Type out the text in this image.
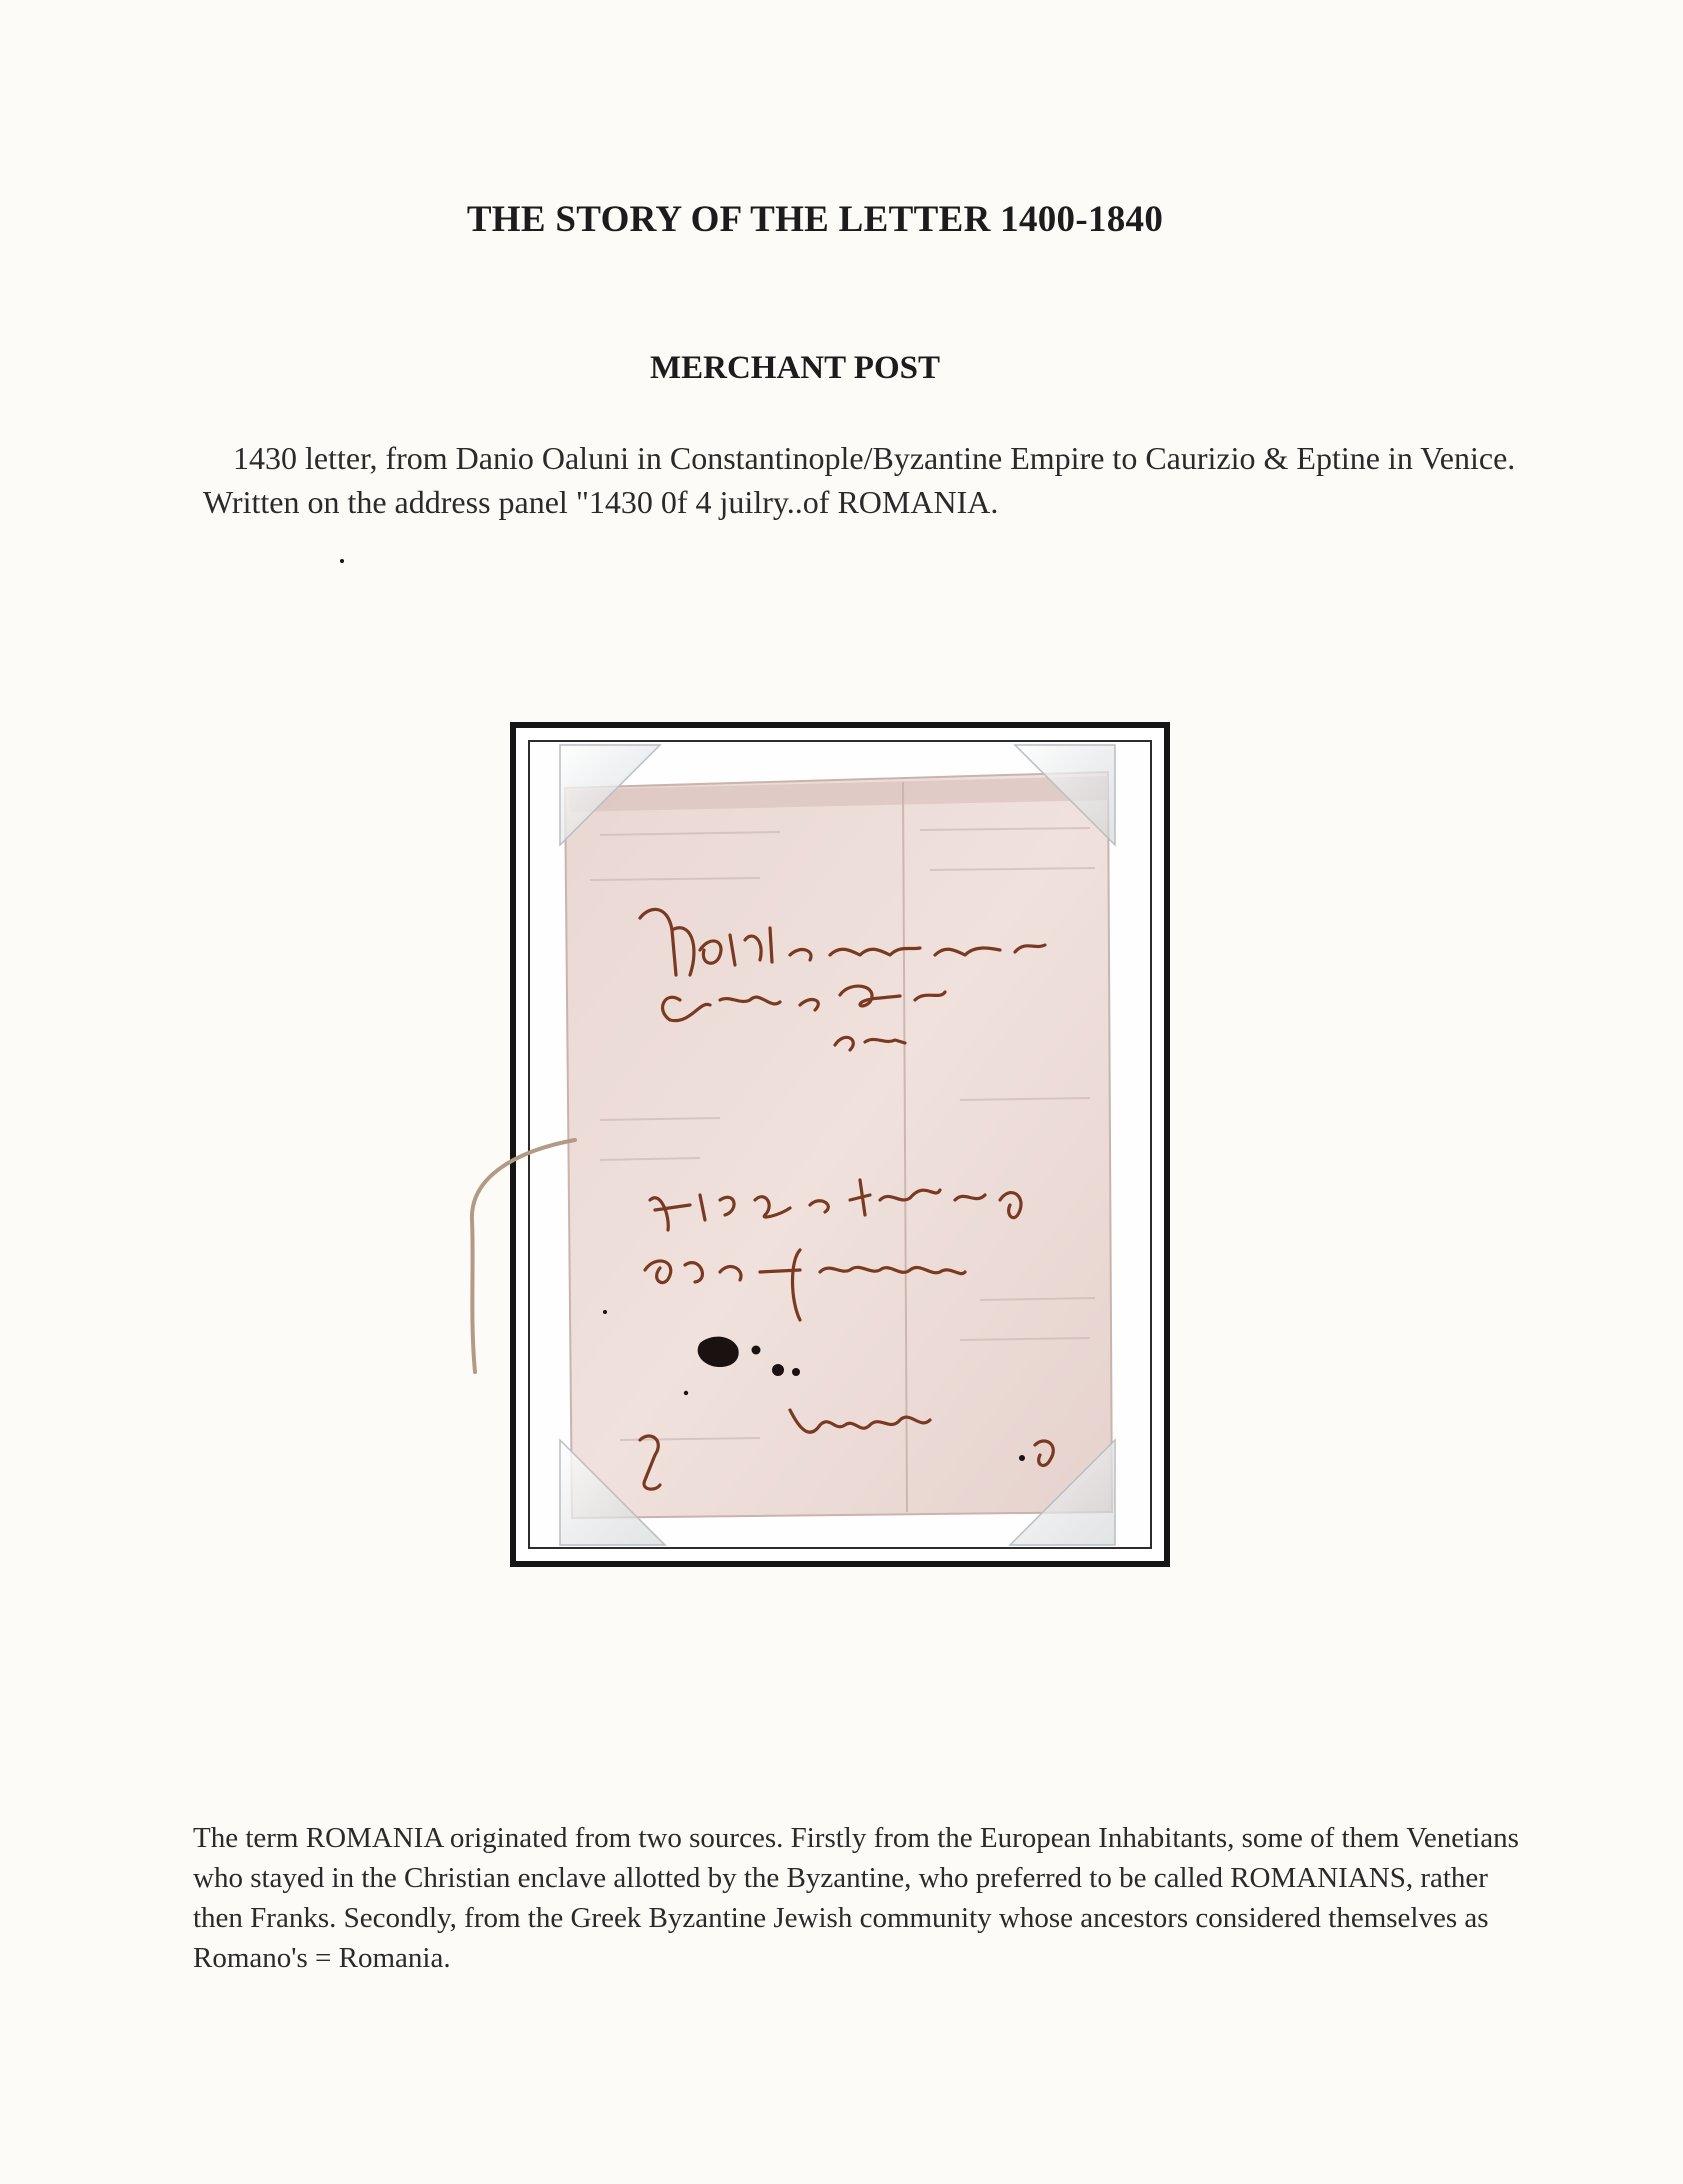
THE STORY OF THE LETTER 1400-1840
MERCHANT POST
1430 letter, from Danio Oaluni in Constantinople/Byzantine Empire to Caurizio & Eptine in Venice. Written on the address panel "1430 0f 4 juilry..of ROMANIA.
The term ROMANIA originated from two sources. Firstly from the European Inhabitants, some of them Venetians who stayed in the Christian enclave allotted by the Byzantine, who preferred to be called ROMANIANS, rather then Franks. Secondly, from the Greek Byzantine Jewish community whose ancestors considered themselves as Romano's = Romania.
